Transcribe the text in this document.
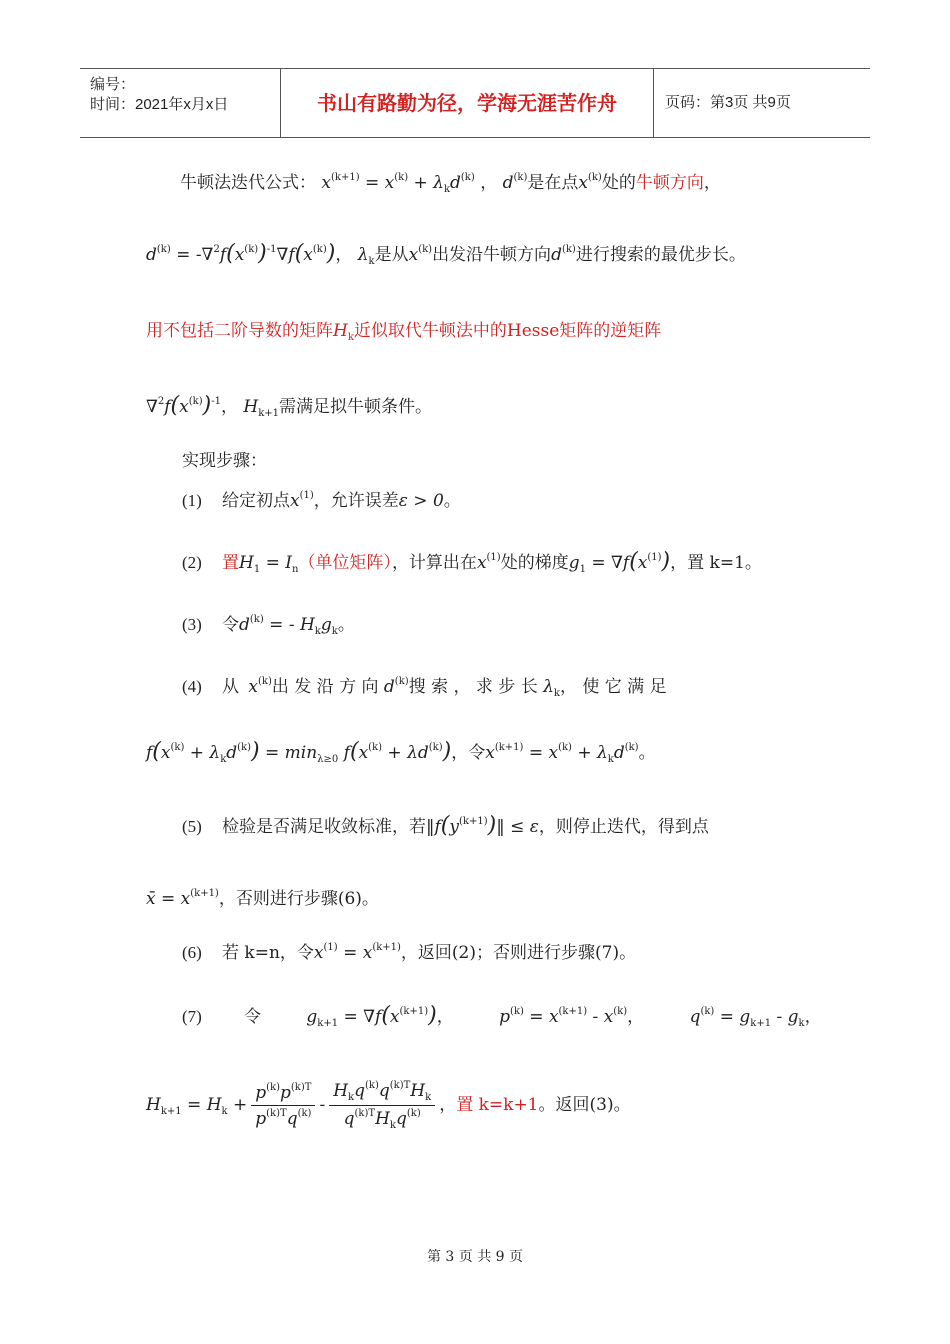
编号：
时间：2021年x月x日	书山有路勤为径，学海无涯苦作舟	页码：第3页 共9页
牛顿法迭代公式： $x^{(k+1)} = x^{(k)} + \lambda_kd^{(k)}$ ， $d^{(k)}$是在点$x^{(k)}$处的牛顿方向，
$d^{(k)} = -\nabla^2f(x^{(k)})^{-1}\nabla f(x^{(k)})$， $\lambda_k$是从$x^{(k)}$出发沿牛顿方向$d^{(k)}$进行搜索的最优步长。
用不包括二阶导数的矩阵$H_k$近似取代牛顿法中的Hesse矩阵的逆矩阵
$\nabla^2f(x^{(k)})^{-1}$， $H_{k+1}$需满足拟牛顿条件。
实现步骤：
(1) 给定初点$x^{(1)}$，允许误差ε > 0。
(2) 置$H_1 = I_n$（单位矩阵），计算出在$x^{(1)}$处的梯度$g_1 = \nabla f(x^{(1)})$，置 k=1。
(3) 令$d^{(k)}$ = - $H_kg_k$。
(4) 从 $x^{(k)}$出 发 沿 方 向 $d^{(k)}$搜 索 ， 求 步 长 $\lambda_k$， 使 它 满 足
$f(x^{(k)} + \lambda_kd^{(k)}) = \min_{\lambda\ge 0} f(x^{(k)} + \lambda d^{(k)})$，令$x^{(k+1)} = x^{(k)} + \lambda_kd^{(k)}$。
(5) 检验是否满足收敛标准，若$‖f(y^{(k+1)})‖ \le \varepsilon$，则停止迭代，得到点
x̄ = $x^{(k+1)}$，否则进行步骤(6)。
(6) 若 k=n，令$x^{(1)} = x^{(k+1)}$，返回(2)；否则进行步骤(7)。
(7) 令	$g_{k+1} = \nabla f(x^{(k+1)})$，	$p^{(k)} = x^{(k+1)} - x^{(k)}$，	$q^{(k)} = g_{k+1} - g_k$，
$H_{k+1} = H_k + \frac{p^{(k)}p^{(k)T}}{p^{(k)T}q^{(k)}} - \frac{H_kq^{(k)}q^{(k)T}H_k}{q^{(k)T}H_kq^{(k)}}$ ，置 k=k+1。返回(3)。
第 3 页 共 9 页
